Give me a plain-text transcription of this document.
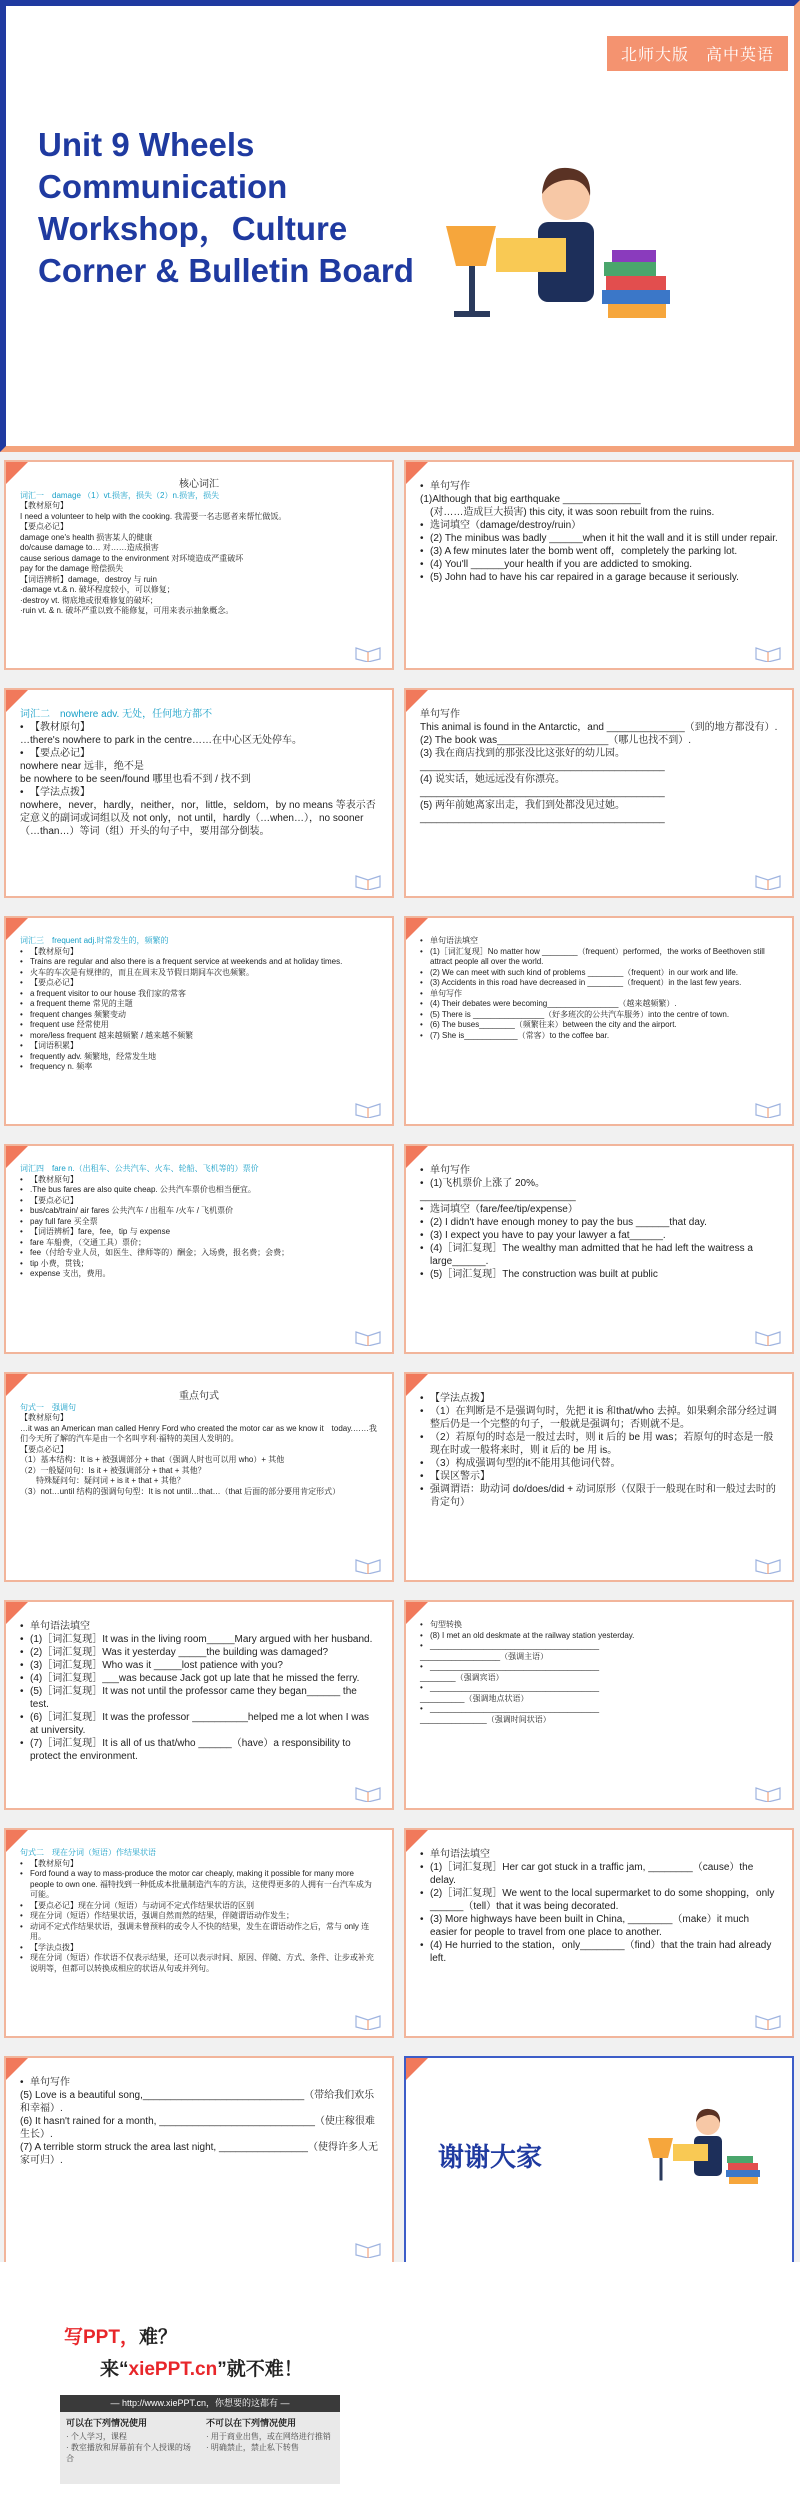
北师大版　高中英语
Unit 9 Wheels Communication Workshop，Culture Corner & Bulletin Board
核心词汇
词汇一　damage （1）vt.损害，损失（2）n.损害，损失
【教材原句】
I need a volunteer to help with the cooking. 我需要一名志愿者来帮忙做饭。
【要点必记】
damage one's health 损害某人的健康
do/cause damage to… 对……造成损害
cause serious damage to the environment 对环境造成严重破坏
pay for the damage 赔偿损失
【词语辨析】damage，destroy 与 ruin
·damage vt.& n. 破坏程度较小，可以修复；
·destroy vt. 彻底地或很难修复的破坏；
·ruin vt. & n. 破坏严重以致不能修复，可用来表示抽象概念。
• 单句写作
(1)Although that big earthquake ______________
　(对……造成巨大损害) this city, it was soon rebuilt from the ruins.
• 选词填空（damage/destroy/ruin）
• (2) The minibus was badly ______when it hit the wall and it is still under repair.
• (3) A few minutes later the bomb went off，completely the parking lot.
• (4) You'll ______your health if you are addicted to smoking.
• (5) John had to have his car repaired in a garage because it seriously.
词汇二　nowhere adv. 无处，任何地方都不
• 【教材原句】
…there's nowhere to park in the centre……在中心区无处停车。
• 【要点必记】
nowhere near 远非，绝不是
be nowhere to be seen/found 哪里也看不到 / 找不到
• 【学法点拨】
nowhere，never，hardly，neither，nor，little，seldom，by no means 等表示否定意义的副词或词组以及 not only，not until，hardly（…when…），no sooner（…than…）等词（组）开头的句子中，要用部分倒装。
单句写作
This animal is found in the Antarctic，and ______________（到的地方都没有）.
(2) The book was____________________（哪儿也找不到）.
(3) 我在商店找到的那张没比这张好的幼儿园。
____________________________________________
(4) 说实话，她远远没有你漂亮。
____________________________________________
(5) 两年前她离家出走，我们到处都没见过她。
____________________________________________
词汇三　frequent adj.时常发生的，频繁的
• 【教材原句】
• Trains are regular and also there is a frequent service at weekends and at holiday times.
• 火车的车次是有规律的，而且在周末及节假日期间车次也频繁。
• 【要点必记】
• a frequent visitor to our house 我们家的常客
• a frequent theme 常见的主题
• frequent changes 频繁变动
• frequent use 经常使用
• more/less frequent 越来越频繁 / 越来越不频繁
• 【词语积累】
• frequently adv. 频繁地，经常发生地
• frequency n. 频率
• 单句语法填空
• (1)［词汇复现］No matter how ________（frequent）performed，the works of Beethoven still attract people all over the world.
• (2) We can meet with such kind of problems ________（frequent）in our work and life.
• (3) Accidents in this road have decreased in ________（frequent）in the last few years.
• 单句写作
• (4) Their debates were becoming________________（越来越频繁）.
• (5) There is ________________（好多班次的公共汽车服务）into the centre of town.
• (6) The buses________（频繁往来）between the city and the airport.
• (7) She is____________（常客）to the coffee bar.
词汇四　fare n.（出租车、公共汽车、火车、轮船、飞机等的）票价
• 【教材原句】
• .The bus fares are also quite cheap. 公共汽车票价也相当便宜。
• 【要点必记】
• bus/cab/train/ air fares 公共汽车 / 出租车 /火车 / 飞机票价
• pay full fare 买全票
• 【词语辨析】fare，fee，tip 与 expense
• fare 车船费，（交通工具）票价；
• fee（付给专业人员，如医生、律师等的）酬金；入场费，报名费；会费；
• tip 小费，贯钱；
• expense 支出，费用。
• 单句写作
• (1)飞机票价上涨了 20%。
____________________________
• 选词填空（fare/fee/tip/expense）
• (2) I didn't have enough money to pay the bus ______that day.
• (3) I expect you have to pay your lawyer a fat______.
• (4)［词汇复现］The wealthy man admitted that he had left the waitress a large______.
• (5)［词汇复现］The construction was built at public
重点句式
句式一　强调句
【教材原句】
…it was an American man called Henry Ford who created the motor car as we know it　today.……我们今天所了解的汽车是由一个名叫亨利·福特的美国人发明的。
【要点必记】
（1）基本结构：It is + 被强调部分 + that（强调人时也可以用 who）+ 其他
（2）一般疑问句：Is it + 被强调部分 + that + 其他？
　　特殊疑问句：疑问词 + is it + that + 其他？
（3）not…until 结构的强调句句型：It is not until…that…（that 后面的部分要用肯定形式）
• 【学法点拨】
• （1）在判断是不是强调句时，先把 it is 和that/who 去掉。如果剩余部分经过调整后仍是一个完整的句子，一般就是强调句；否则就不是。
• （2）若原句的时态是一般过去时，则 it 后的 be 用 was；若原句的时态是一般现在时或一般将来时，则 it 后的 be 用 is。
• （3）构成强调句型的it不能用其他词代替。
• 【误区警示】
• 强调谓语：助动词 do/does/did + 动词原形（仅限于一般现在时和一般过去时的肯定句）
• 单句语法填空
• (1)［词汇复现］It was in the living room_____Mary argued with her husband.
• (2)［词汇复现］Was it yesterday _____the building was damaged?
• (3)［词汇复现］Who was it _____lost patience with you?
• (4)［词汇复现］___was because Jack got up late that he missed the ferry.
• (5)［词汇复现］It was not until the professor came they began______ the test.
• (6)［词汇复现］It was the professor __________helped me a lot when I was at university.
• (7)［词汇复现］It is all of us that/who ______（have）a responsibility to protect the environment.
• 句型转换
• (8) I met an old deskmate at the railway station yesterday.
• ______________________________________
__________________（强调主语）
• ______________________________________
________（强调宾语）
• ______________________________________
__________（强调地点状语）
• ______________________________________
_______________（强调时间状语）
句式二　现在分词（短语）作结果状语
• 【教材原句】
• Ford found a way to mass-produce the motor car cheaply, making it possible for many more people to own one. 福特找到一种低成本批量制造汽车的方法，这使得更多的人拥有一台汽车成为可能。
• 【要点必记】现在分词（短语）与动词不定式作结果状语的区别
• 现在分词（短语）作结果状语，强调自然而然的结果，伴随谓语动作发生；
• 动词不定式作结果状语，强调未曾预料的或令人不快的结果，发生在谓语动作之后，常与 only 连用。
• 【学法点拨】
• 现在分词（短语）作状语不仅表示结果，还可以表示时间、原因、伴随、方式、条件、让步或补充说明等，但都可以转换成相应的状语从句或并列句。
• 单句语法填空
• (1)［词汇复现］Her car got stuck in a traffic jam, ________（cause）the delay.
• (2)［词汇复现］We went to the local supermarket to do some shopping，only ______（tell）that it was being decorated.
• (3) More highways have been built in China, ________（make）it much easier for people to travel from one place to another.
• (4) He hurried to the station，only________（find）that the train had already left.
• 单句写作
(5) Love is a beautiful song,_____________________________（带给我们欢乐和幸福）.
(6) It hasn't rained for a month, ____________________________（使庄稼很难生长）.
(7) A terrible storm struck the area last night, ________________（使得许多人无家可归）.	谢谢大家
写PPT，难？
来“xiePPT.cn”就不难！
— http://www.xiePPT.cn，你想要的这都有 —
可以在下列情况使用
· 个人学习，课程
· 教室播放和屏幕前有个人授课的场合
不可以在下列情况使用
· 用于商业出售，或在网络进行推销
· 明确禁止，禁止私下转售
